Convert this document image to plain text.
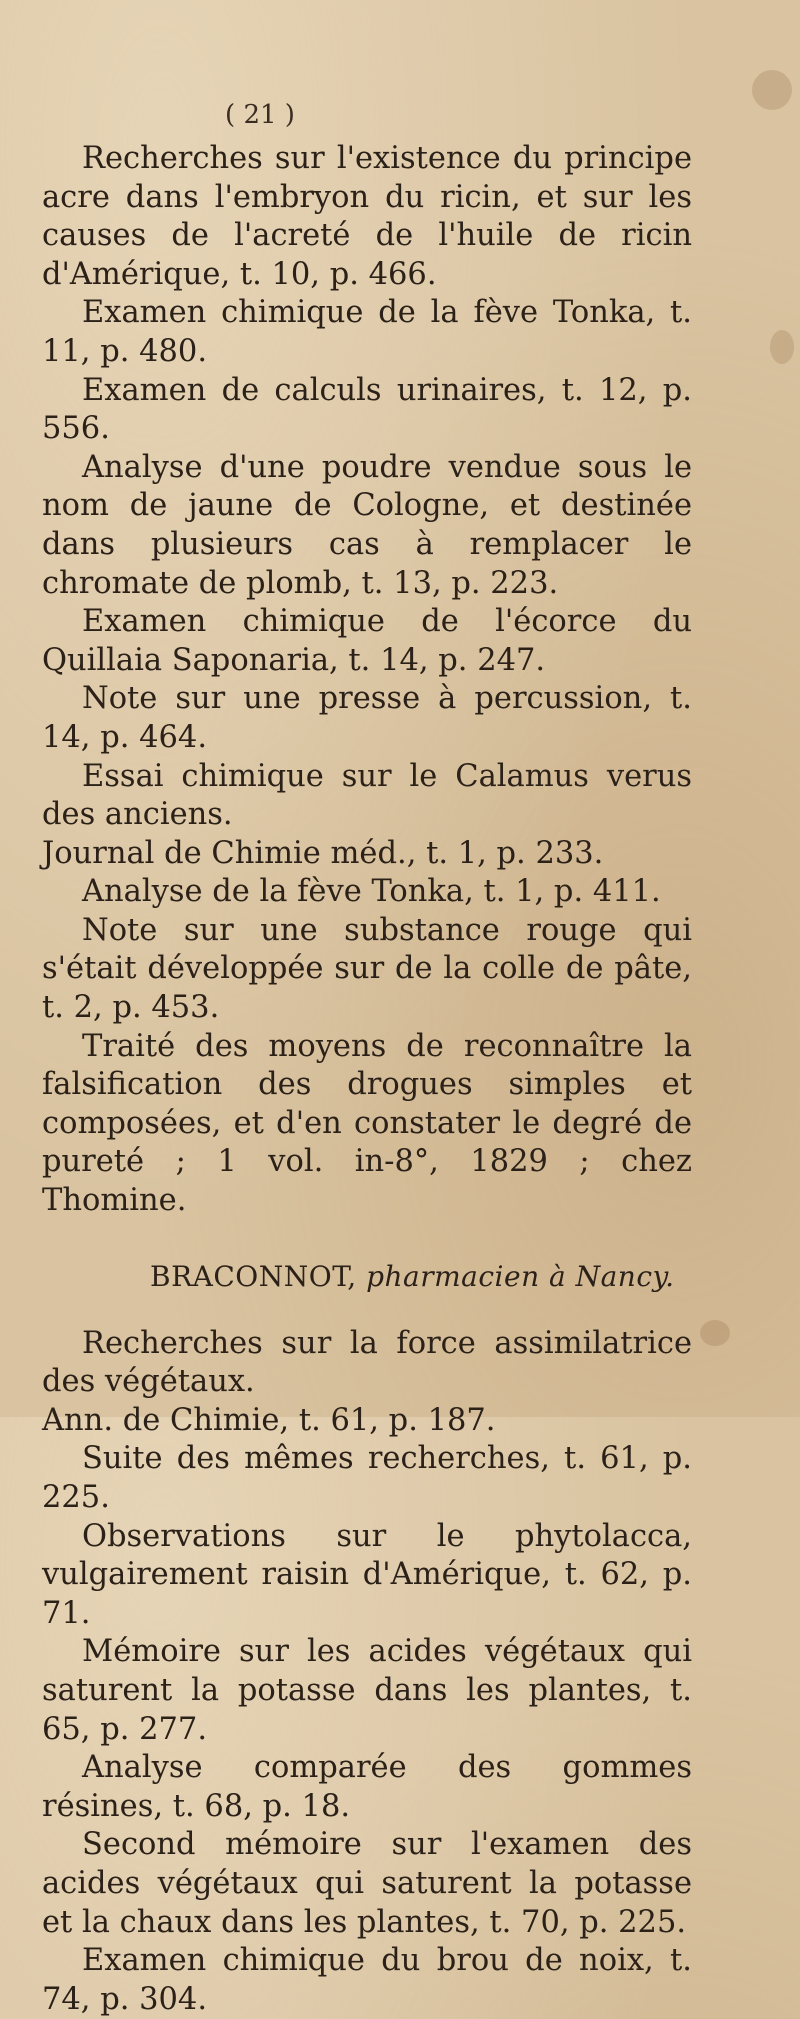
( 21 )

Recherches sur l'existence du principe acre dans l'embryon du ricin, et sur les causes de l'acreté de l'huile de ricin d'Amérique, t. 10, p. 466.

Examen chimique de la fève Tonka, t. 11, p. 480.

Examen de calculs urinaires, t. 12, p. 556.

Analyse d'une poudre vendue sous le nom de jaune de Cologne, et destinée dans plusieurs cas à remplacer le chromate de plomb, t. 13, p. 223.

Examen chimique de l'écorce du Quillaia Saponaria, t. 14, p. 247.

Note sur une presse à percussion, t. 14, p. 464.

Essai chimique sur le Calamus verus des anciens.

Journal de Chimie méd., t. 1, p. 233.

Analyse de la fève Tonka, t. 1, p. 411.

Note sur une substance rouge qui s'était développée sur de la colle de pâte, t. 2, p. 453.

Traité des moyens de reconnaître la falsification des drogues simples et composées, et d'en constater le degré de pureté ; 1 vol. in-8°, 1829 ; chez Thomine.

BRACONNOT, pharmacien à Nancy.

Recherches sur la force assimilatrice des végétaux.

Ann. de Chimie, t. 61, p. 187.

Suite des mêmes recherches, t. 61, p. 225.

Observations sur le phytolacca, vulgairement raisin d'Amérique, t. 62, p. 71.

Mémoire sur les acides végétaux qui saturent la potasse dans les plantes, t. 65, p. 277.

Analyse comparée des gommes résines, t. 68, p. 18.

Second mémoire sur l'examen des acides végétaux qui saturent la potasse et la chaux dans les plantes, t. 70, p. 225.

Examen chimique du brou de noix, t. 74, p. 304.
